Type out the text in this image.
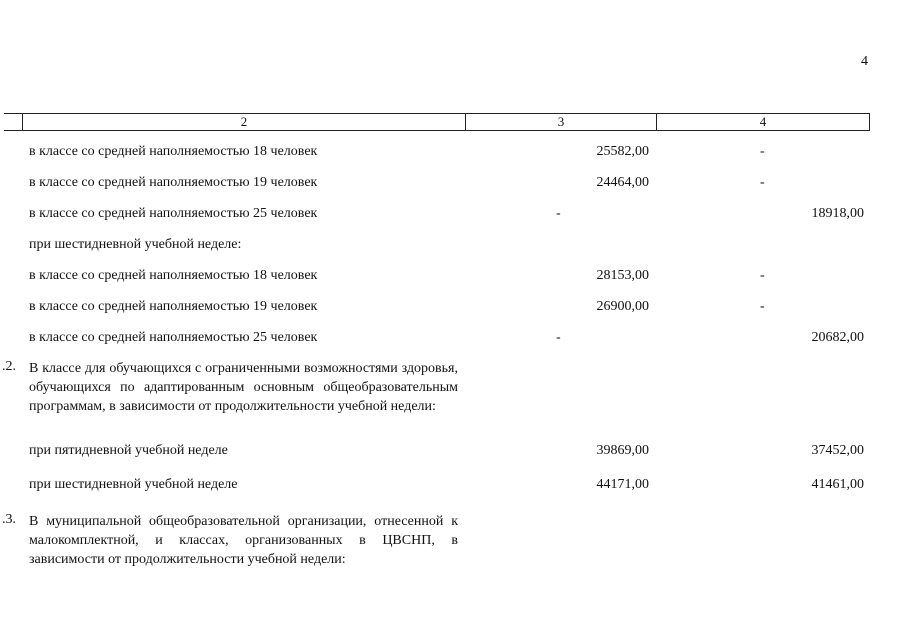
4
2	3	4
в классе со средней наполняемостью 18 человек	25582,00	-
в классе со средней наполняемостью 19 человек	24464,00	-
в классе со средней наполняемостью 25 человек	-	18918,00
при шестидневной учебной неделе:
в классе со средней наполняемостью 18 человек	28153,00	-
в классе со средней наполняемостью 19 человек	26900,00	-
в классе со средней наполняемостью 25 человек	-	20682,00
.2. В классе для обучающихся с ограниченными возможностями здоровья, обучающихся по адаптированным основным общеобразовательным программам, в зависимости от продолжительности учебной недели:
при пятидневной учебной неделе	39869,00	37452,00
при шестидневной учебной неделе	44171,00	41461,00
.3. В муниципальной общеобразовательной организации, отнесенной к малокомплектной, и классах, организованных в ЦВСНП, в зависимости от продолжительности учебной недели:
